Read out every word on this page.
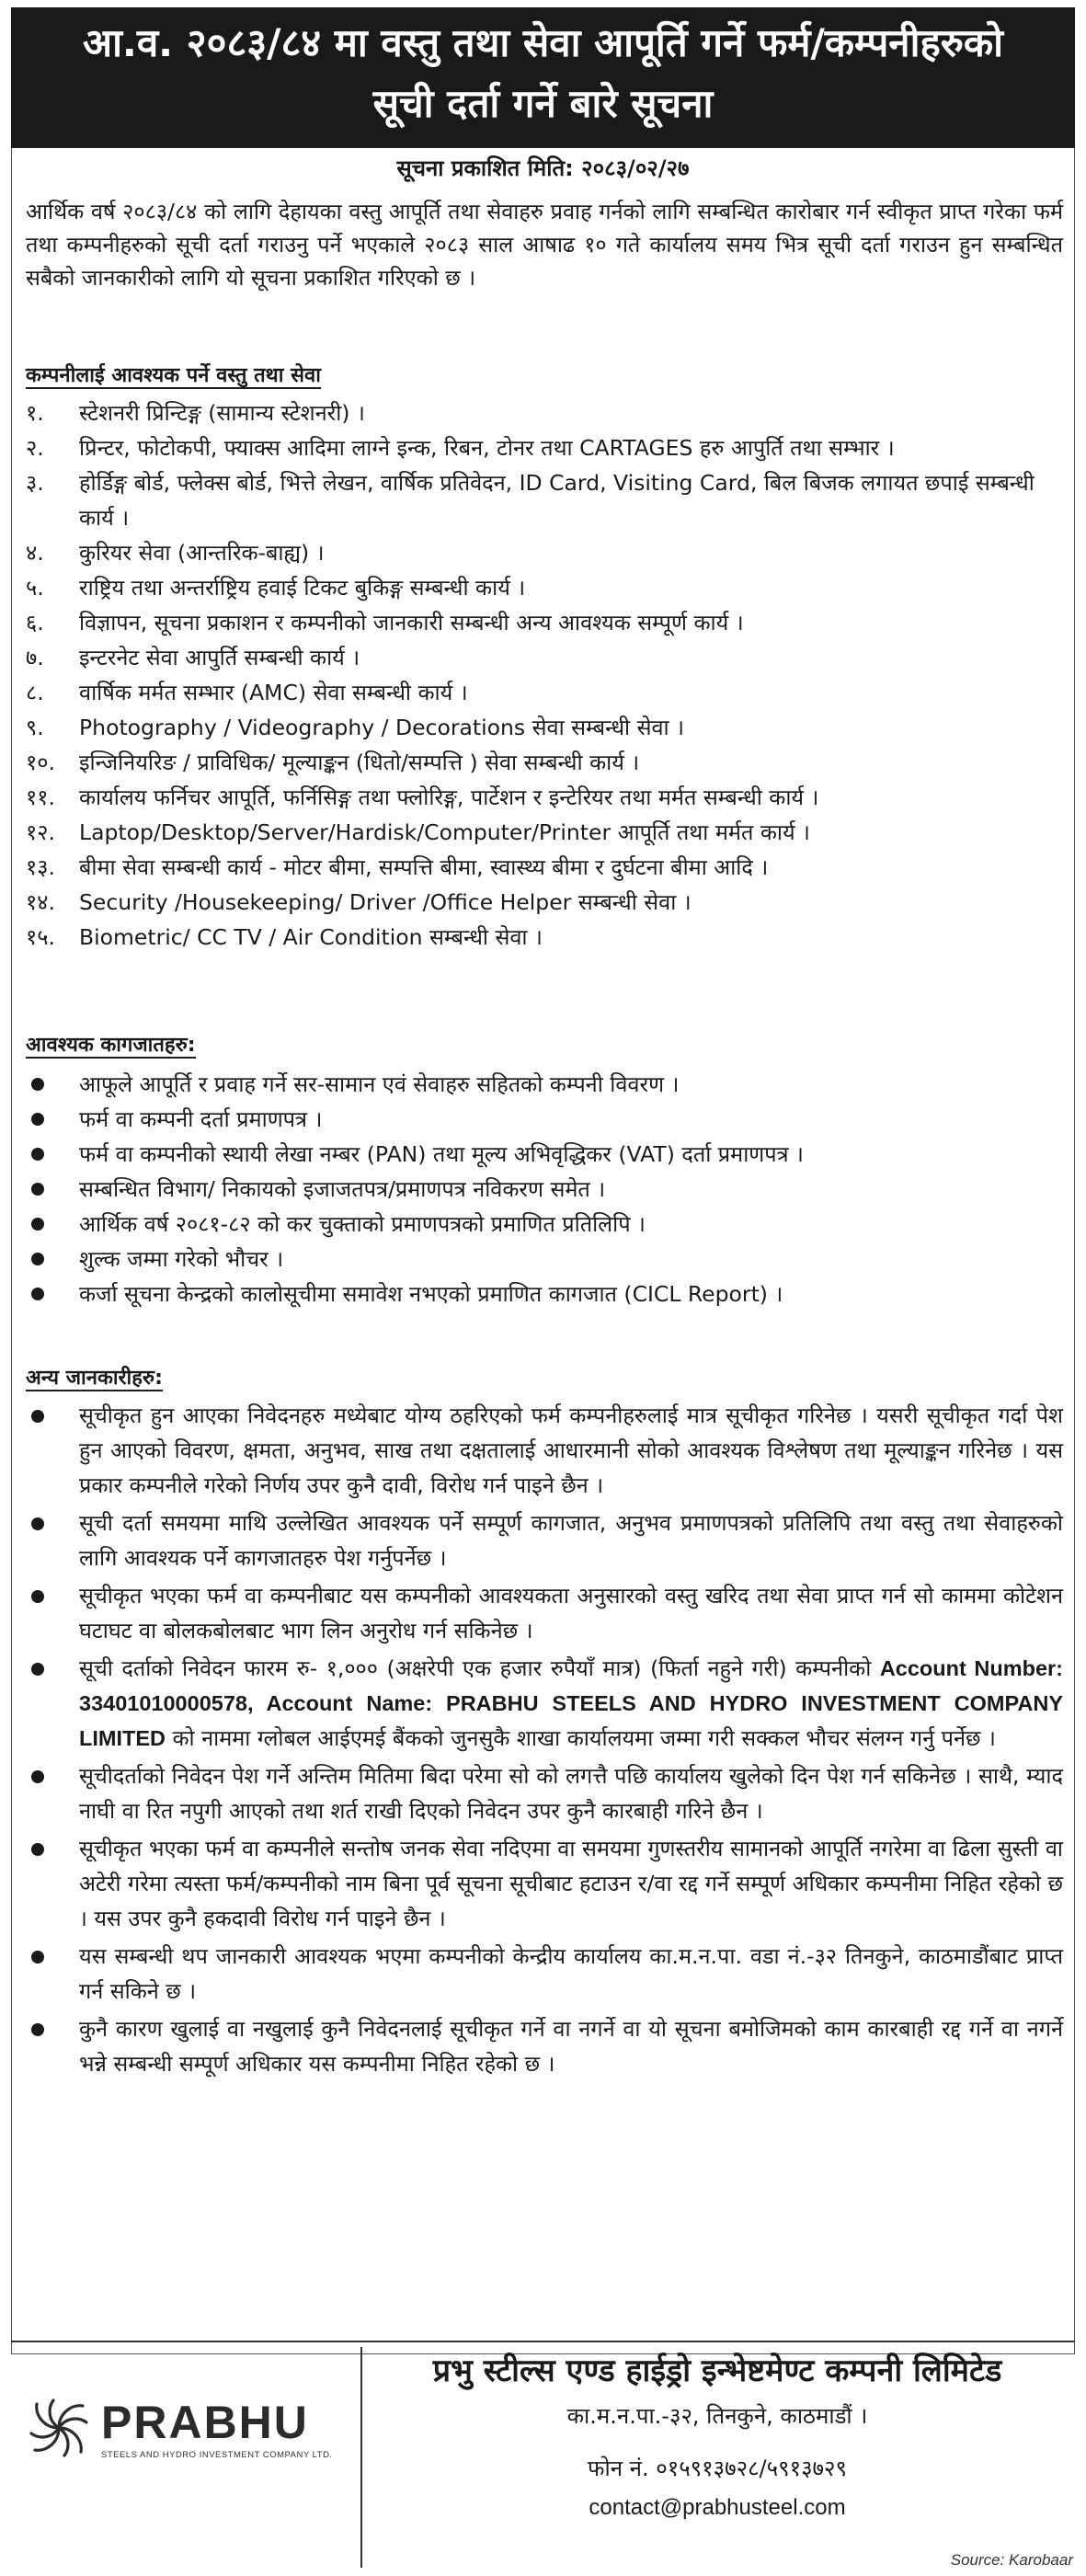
आ.व. २०८३/८४ मा वस्तु तथा सेवा आपूर्ति गर्ने फर्म/कम्पनीहरुको
सूची दर्ता गर्ने बारे सूचना
सूचना प्रकाशित मिति: २०८३/०२/२७
आर्थिक वर्ष २०८३/८४ को लागि देहायका वस्तु आपूर्ति तथा सेवाहरु प्रवाह गर्नको लागि सम्बन्धित कारोबार गर्न स्वीकृत प्राप्त गरेका फर्म तथा कम्पनीहरुको सूची दर्ता गराउनु पर्ने भएकाले २०८३ साल आषाढ १० गते कार्यालय समय भित्र सूची दर्ता गराउन हुन सम्बन्धित सबैको जानकारीको लागि यो सूचना प्रकाशित गरिएको छ ।
कम्पनीलाई आवश्यक पर्ने वस्तु तथा सेवा
१.	स्टेशनरी प्रिन्टिङ्ग (सामान्य स्टेशनरी) ।
२.	प्रिन्टर, फोटोकपी, फ्याक्स आदिमा लाग्ने इन्क, रिबन, टोनर तथा CARTAGES हरु आपुर्ति तथा सम्भार ।
३.	होर्डिङ्ग बोर्ड, फ्लेक्स बोर्ड, भित्ते लेखन, वार्षिक प्रतिवेदन, ID Card, Visiting Card, बिल बिजक लगायत छपाई सम्बन्धी कार्य ।
४.	कुरियर सेवा (आन्तरिक-बाह्य) ।
५.	राष्ट्रिय तथा अन्तर्राष्ट्रिय हवाई टिकट बुकिङ्ग सम्बन्धी कार्य ।
६.	विज्ञापन, सूचना प्रकाशन र कम्पनीको जानकारी सम्बन्धी अन्य आवश्यक सम्पूर्ण कार्य ।
७.	इन्टरनेट सेवा आपुर्ति सम्बन्धी कार्य ।
८.	वार्षिक मर्मत सम्भार (AMC) सेवा सम्बन्धी कार्य ।
९.	Photography / Videography / Decorations सेवा सम्बन्धी सेवा ।
१०.	इन्जिनियरिङ / प्राविधिक/ मूल्याङ्कन (धितो/सम्पत्ति ) सेवा सम्बन्धी कार्य ।
११.	कार्यालय फर्निचर आपूर्ति, फर्निसिङ्ग तथा फ्लोरिङ्ग, पार्टेशन र इन्टेरियर तथा मर्मत सम्बन्धी कार्य ।
१२.	Laptop/Desktop/Server/Hardisk/Computer/Printer आपूर्ति तथा मर्मत कार्य ।
१३.	बीमा सेवा सम्बन्धी कार्य - मोटर बीमा, सम्पत्ति बीमा, स्वास्थ्य बीमा र दुर्घटना बीमा आदि ।
१४.	Security /Housekeeping/ Driver /Office Helper सम्बन्धी सेवा ।
१५.	Biometric/ CC TV / Air Condition सम्बन्धी सेवा ।
आवश्यक कागजातहरु:
आफूले आपूर्ति र प्रवाह गर्ने सर-सामान एवं सेवाहरु सहितको कम्पनी विवरण ।
फर्म वा कम्पनी दर्ता प्रमाणपत्र ।
फर्म वा कम्पनीको स्थायी लेखा नम्बर (PAN) तथा मूल्य अभिवृद्धिकर (VAT) दर्ता प्रमाणपत्र ।
सम्बन्धित विभाग/ निकायको इजाजतपत्र/प्रमाणपत्र नविकरण समेत ।
आर्थिक वर्ष २०८१-८२ को कर चुक्ताको प्रमाणपत्रको प्रमाणित प्रतिलिपि ।
शुल्क जम्मा गरेको भौचर ।
कर्जा सूचना केन्द्रको कालोसूचीमा समावेश नभएको प्रमाणित कागजात (CICL Report) ।
अन्य जानकारीहरु:
सूचीकृत हुन आएका निवेदनहरु मध्येबाट योग्य ठहरिएको फर्म कम्पनीहरुलाई मात्र सूचीकृत गरिनेछ । यसरी सूचीकृत गर्दा पेश हुन आएको विवरण, क्षमता, अनुभव, साख तथा दक्षतालाई आधारमानी सोको आवश्यक विश्लेषण तथा मूल्याङ्कन गरिनेछ । यस प्रकार कम्पनीले गरेको निर्णय उपर कुनै दावी, विरोध गर्न पाइने छैन ।
सूची दर्ता समयमा माथि उल्लेखित आवश्यक पर्ने सम्पूर्ण कागजात, अनुभव प्रमाणपत्रको प्रतिलिपि तथा वस्तु तथा सेवाहरुको लागि आवश्यक पर्ने कागजातहरु पेश गर्नुपर्नेछ ।
सूचीकृत भएका फर्म वा कम्पनीबाट यस कम्पनीको आवश्यकता अनुसारको वस्तु खरिद तथा सेवा प्राप्त गर्न सो काममा कोटेशन घटाघट वा बोलकबोलबाट भाग लिन अनुरोध गर्न सकिनेछ ।
सूची दर्ताको निवेदन फारम रु- १,००० (अक्षरेपी एक हजार रुपैयाँ मात्र) (फिर्ता नहुने गरी) कम्पनीको Account Number: 33401010000578, Account Name: PRABHU STEELS AND HYDRO INVESTMENT COMPANY LIMITED को नाममा ग्लोबल आईएमई बैंकको जुनसुकै शाखा कार्यालयमा जम्मा गरी सक्कल भौचर संलग्न गर्नु पर्नेछ ।
सूचीदर्ताको निवेदन पेश गर्ने अन्तिम मितिमा बिदा परेमा सो को लगत्तै पछि कार्यालय खुलेको दिन पेश गर्न सकिनेछ । साथै, म्याद नाघी वा रित नपुगी आएको तथा शर्त राखी दिएको निवेदन उपर कुनै कारबाही गरिने छैन ।
सूचीकृत भएका फर्म वा कम्पनीले सन्तोष जनक सेवा नदिएमा वा समयमा गुणस्तरीय सामानको आपूर्ति नगरेमा वा ढिला सुस्ती वा अटेरी गरेमा त्यस्ता फर्म/कम्पनीको नाम बिना पूर्व सूचना सूचीबाट हटाउन र/वा रद्द गर्ने सम्पूर्ण अधिकार कम्पनीमा निहित रहेको छ । यस उपर कुनै हकदावी विरोध गर्न पाइने छैन ।
यस सम्बन्धी थप जानकारी आवश्यक भएमा कम्पनीको केन्द्रीय कार्यालय का.म.न.पा. वडा नं.-३२ तिनकुने, काठमाडौंबाट प्राप्त गर्न सकिने छ ।
कुनै कारण खुलाई वा नखुलाई कुनै निवेदनलाई सूचीकृत गर्ने वा नगर्ने वा यो सूचना बमोजिमको काम कारबाही रद्द गर्ने वा नगर्ने भन्ने सम्बन्धी सम्पूर्ण अधिकार यस कम्पनीमा निहित रहेको छ ।
PRABHU
STEELS AND HYDRO INVESTMENT COMPANY LTD.
प्रभु स्टील्स एण्ड हाईड्रो इन्भेष्टमेण्ट कम्पनी लिमिटेड
का.म.न.पा.-३२, तिनकुने, काठमाडौं ।
फोन नं. ०१५९१३७२८/५९१३७२९
contact@prabhusteel.com
Source: Karobaar
